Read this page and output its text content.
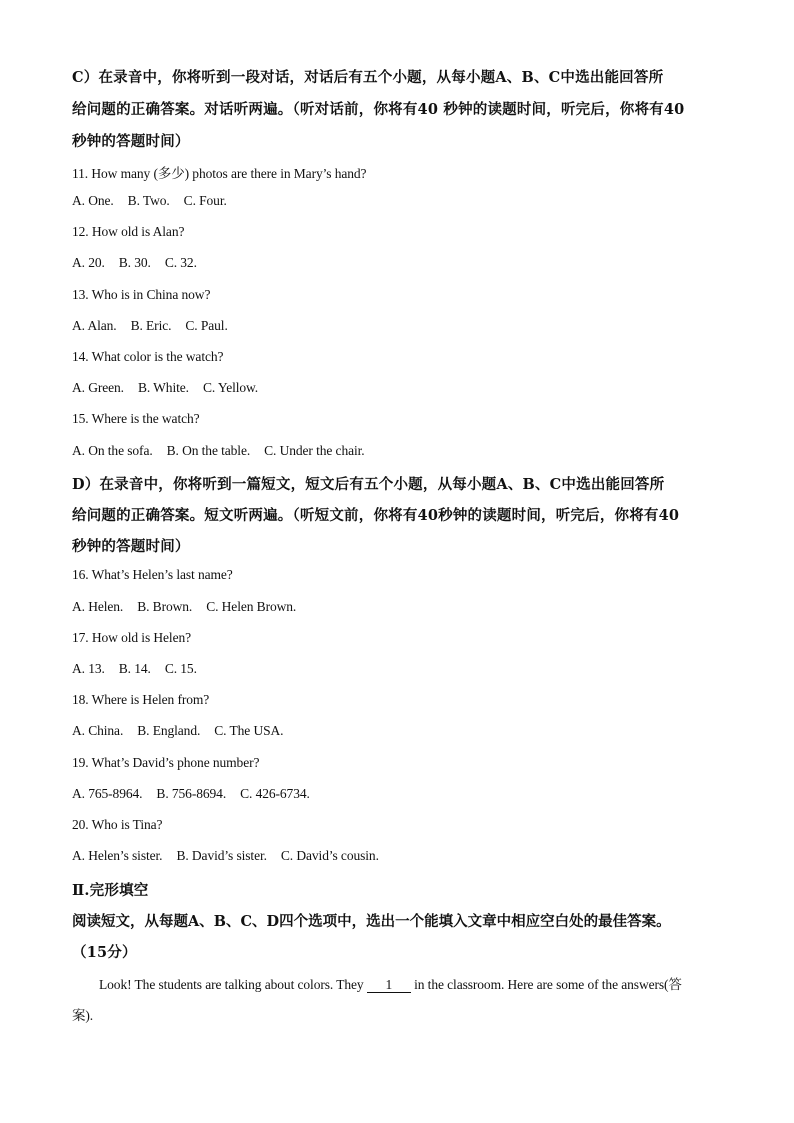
C）在录音中，你将听到一段对话，对话后有五个小题，从每小题A、B、C中选出能回答所
给问题的正确答案。对话听两遍。（听对话前，你将有40 秒钟的读题时间，听完后，你将有40
秒钟的答题时间）
11. How many (多少) photos are there in Mary’s hand?
A. One. B. Two. C. Four.
12. How old is Alan?
A. 20. B. 30. C. 32.
13. Who is in China now?
A. Alan. B. Eric. C. Paul.
14. What color is the watch?
A. Green. B. White. C. Yellow.
15. Where is the watch?
A. On the sofa. B. On the table. C. Under the chair.
D）在录音中，你将听到一篇短文，短文后有五个小题，从每小题A、B、C中选出能回答所
给问题的正确答案。短文听两遍。（听短文前，你将有40秒钟的读题时间，听完后，你将有40
秒钟的答题时间）
16. What’s Helen’s last name?
A. Helen. B. Brown. C. Helen Brown.
17. How old is Helen?
A. 13. B. 14. C. 15.
18. Where is Helen from?
A. China. B. England. C. The USA.
19. What’s David’s phone number?
A. 765-8964. B. 756-8694. C. 426-6734.
20. Who is Tina?
A. Helen’s sister. B. David’s sister. C. David’s cousin.
Ⅱ.完形填空
阅读短文，从每题A、B、C、D四个选项中，选出一个能填入文章中相应空白处的最佳答案。
（15分）
Look! The students are talking about colors. They 1 in the classroom. Here are some of the answers(答
案).
